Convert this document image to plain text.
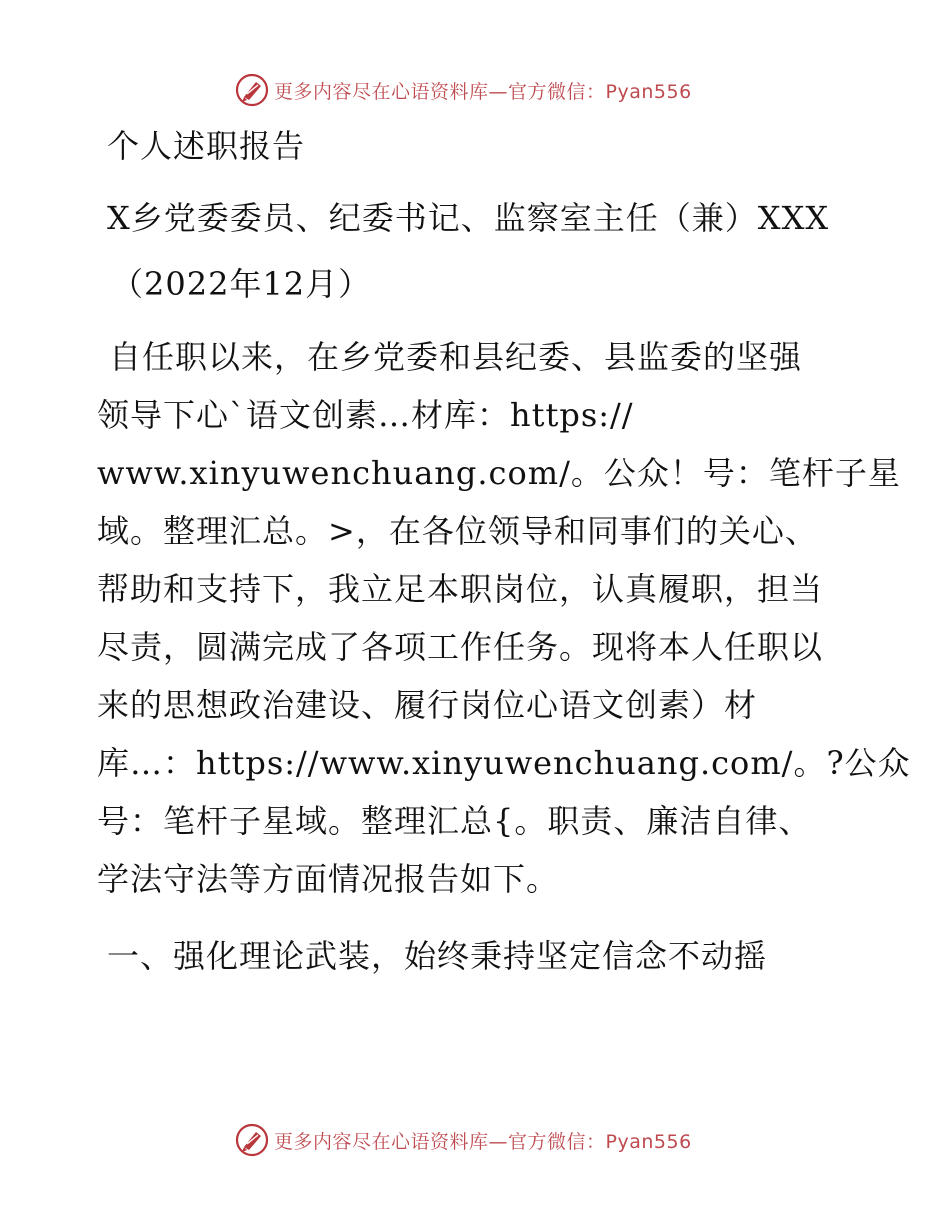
更多内容尽在心语资料库—官方微信：Pyan556
个人述职报告
X乡党委委员、纪委书记、监察室主任（兼）XXX
（2022年12月）
自任职以来，在乡党委和县纪委、县监委的坚强
领导下心`语文创素…材库：https://
www.xinyuwenchuang.com/。公众！号：笔杆子星
域。整理汇总。>，在各位领导和同事们的关心、
帮助和支持下，我立足本职岗位，认真履职，担当
尽责，圆满完成了各项工作任务。现将本人任职以
来的思想政治建设、履行岗位心语文创素）材
库…：https://www.xinyuwenchuang.com/。?公众
号：笔杆子星域。整理汇总{。职责、廉洁自律、
学法守法等方面情况报告如下。
一、强化理论武装，始终秉持坚定信念不动摇
更多内容尽在心语资料库—官方微信：Pyan556
